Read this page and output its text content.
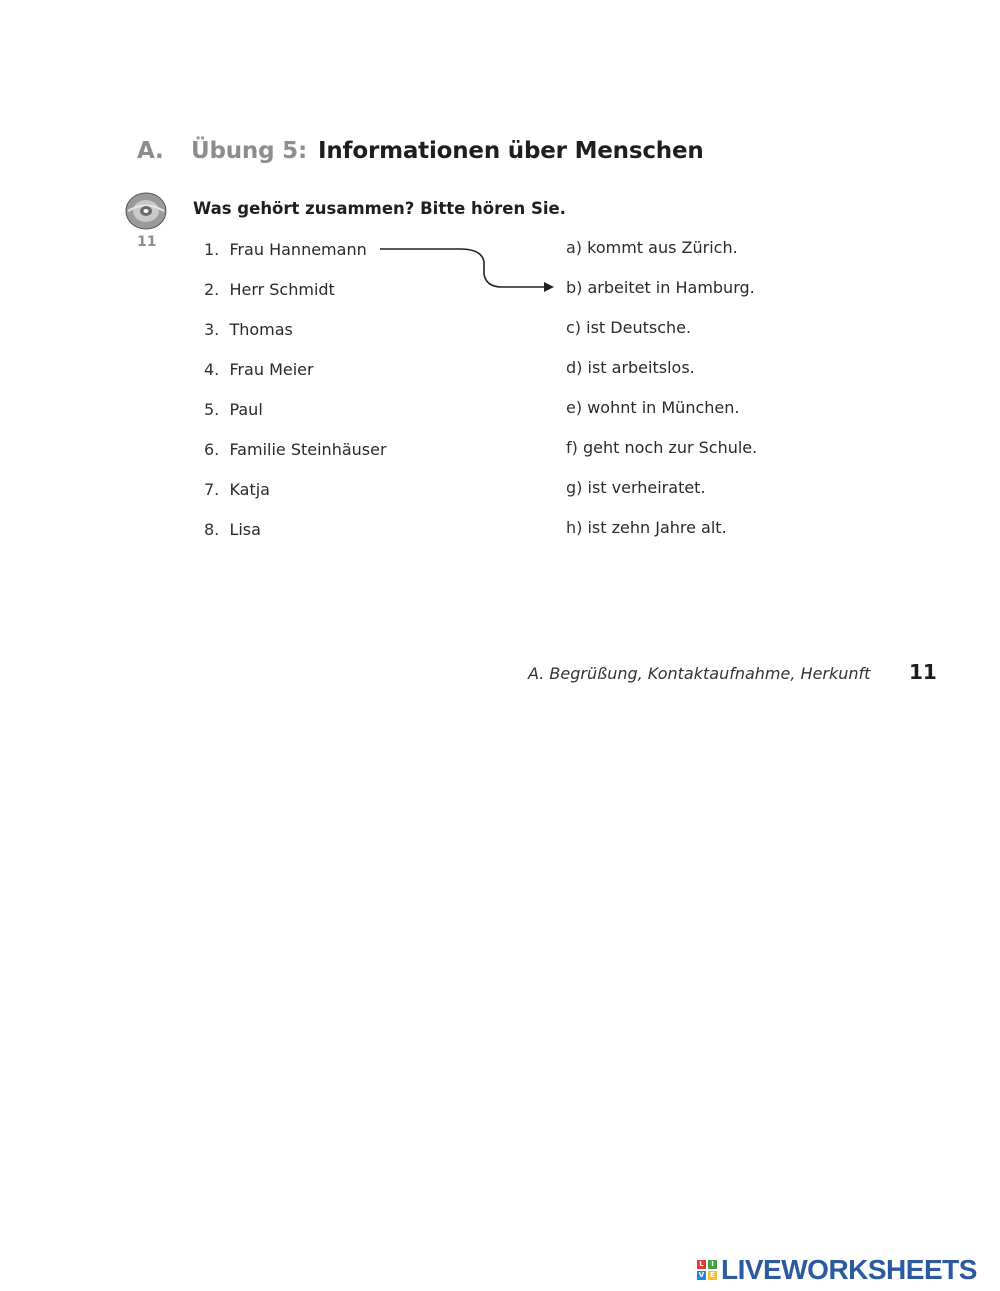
A. Übung 5: Informationen über Menschen
11
Was gehört zusammen? Bitte hören Sie.
1. Frau Hannemann
2. Herr Schmidt
3. Thomas
4. Frau Meier
5. Paul
6. Familie Steinhäuser
7. Katja
8. Lisa
a) kommt aus Zürich.
b) arbeitet in Hamburg.
c) ist Deutsche.
d) ist arbeitslos.
e) wohnt in München.
f) geht noch zur Schule.
g) ist verheiratet.
h) ist zehn Jahre alt.
A. Begrüßung, Kontaktaufnahme, Herkunft 11
L	I
V E LIVEWORKSHEETS
